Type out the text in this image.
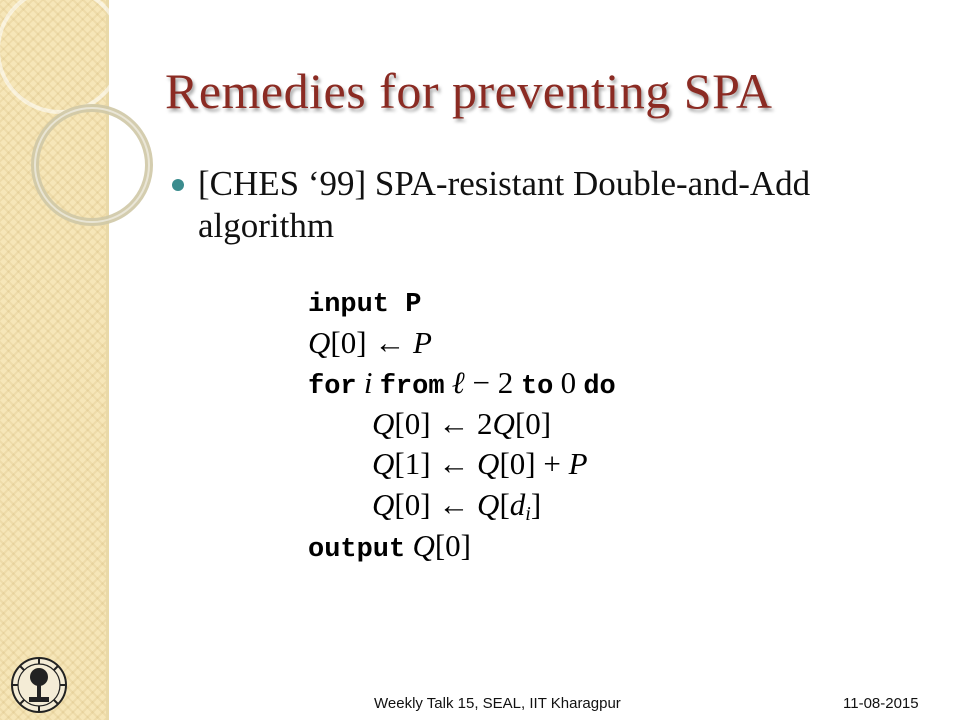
Remedies for preventing SPA
[CHES ‘99] SPA-resistant Double-and-Add algorithm
input P
Q[0] ← P
for i from ℓ − 2 to 0 do
Q[0] ← 2Q[0]
Q[1] ← Q[0] + P
Q[0] ← $Q[d_i]$
output Q[0]
Weekly Talk 15, SEAL, IIT Kharagpur	11-08-2015
